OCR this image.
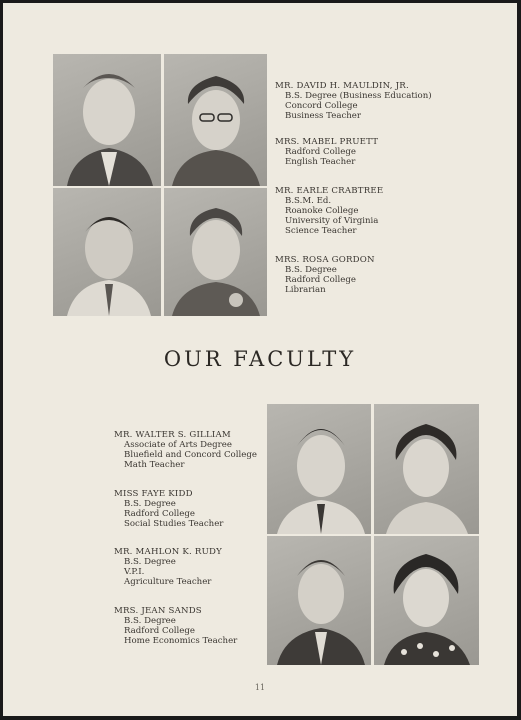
MR. DAVID H. MAULDIN, JR.
B.S. Degree (Business Education)
Concord College
Business Teacher
MRS. MABEL PRUETT
Radford College
English Teacher
MR. EARLE CRABTREE
B.S.M. Ed.
Roanoke College
University of Virginia
Science Teacher
MRS. ROSA GORDON
B.S. Degree
Radford College
Librarian
OUR FACULTY
MR. WALTER S. GILLIAM
Associate of Arts Degree
Bluefield and Concord College
Math Teacher
MISS FAYE KIDD
B.S. Degree
Radford College
Social Studies Teacher
MR. MAHLON K. RUDY
B.S. Degree
V.P.I.
Agriculture Teacher
MRS. JEAN SANDS
B.S. Degree
Radford College
Home Economics Teacher
11
